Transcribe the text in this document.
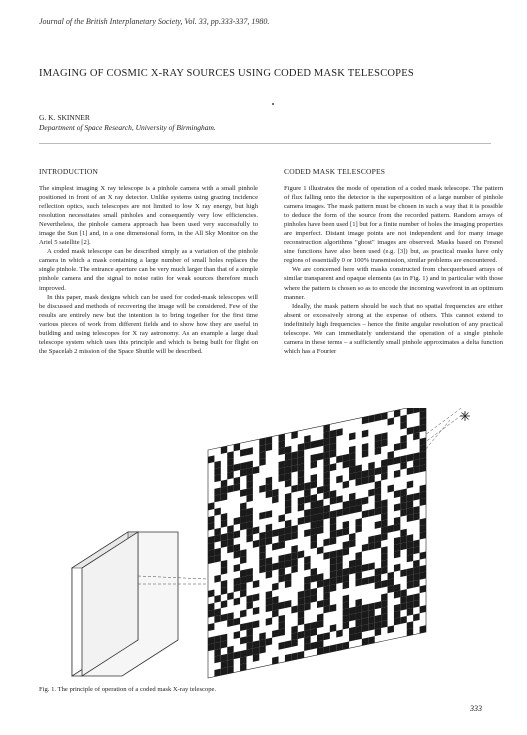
Journal of the British Interplanetary Society, Vol. 33, pp.333-337, 1980.
IMAGING OF COSMIC X-RAY SOURCES USING CODED MASK TELESCOPES
G. K. SKINNER
Department of Space Research, University of Birmingham.
INTRODUCTION

The simplest imaging X ray telescope is a pinhole camera with a small pinhole positioned in front of an X ray detector. Unlike systems using grazing incidence reflection optics, such telescopes are not limited to low X ray energy, but high resolution necessitates small pinholes and consequently very low efficiencies. Nevertheless, the pinhole camera approach has been used very successfully to image the Sun [1] and, in a one dimensional form, in the All Sky Monitor on the Ariel 5 satellite [2].

A coded mask telescope can be described simply as a variation of the pinhole camera in which a mask containing a large number of small holes replaces the single pinhole. The entrance aperture can be very much larger than that of a simple pinhole camera and the signal to noise ratio for weak sources therefore much improved.

In this paper, mask designs which can be used for coded-mask telescopes will be discussed and methods of recovering the image will be considered. Few of the results are entirely new but the intention is to bring together for the first time various pieces of work from different fields and to show how they are useful in building and using telescopes for X ray astronomy. As an example a large dual telescope system which uses this principle and which is being built for flight on the Spacelab 2 mission of the Space Shuttle will be described.

CODED MASK TELESCOPES

Figure 1 illustrates the mode of operation of a coded mask telescope. The pattern of flux falling onto the detector is the superposition of a large number of pinhole camera images. The mask pattern must be chosen in such a way that it is possible to deduce the form of the source from the recorded pattern. Random arrays of pinholes have been used [1] but for a finite number of holes the imaging properties are imperfect. Distant image points are not independent and for many image reconstruction algorithms "ghost" images are observed. Masks based on Fresnel sine functions have also been used (e.g. [3]) but, as practical masks have only regions of essentially 0 or 100% transmission, similar problems are encountered.

We are concerned here with masks constructed from checquerboard arrays of similar transparent and opaque elements (as in Fig. 1) and in particular with those where the pattern is chosen so as to encode the incoming wavefront in an optimum manner.

Ideally, the mask pattern should be such that no spatial frequencies are either absent or excessively strong at the expense of others. This cannot extend to indefinitely high frequencies – hence the finite angular resolution of any practical telescope. We can immediately understand the operation of a single pinhole camera in these terms – a sufficiently small pinhole approximates a delta function which has a Fourier

Fig. 1. The principle of operation of a coded mask X-ray telescope.
333
